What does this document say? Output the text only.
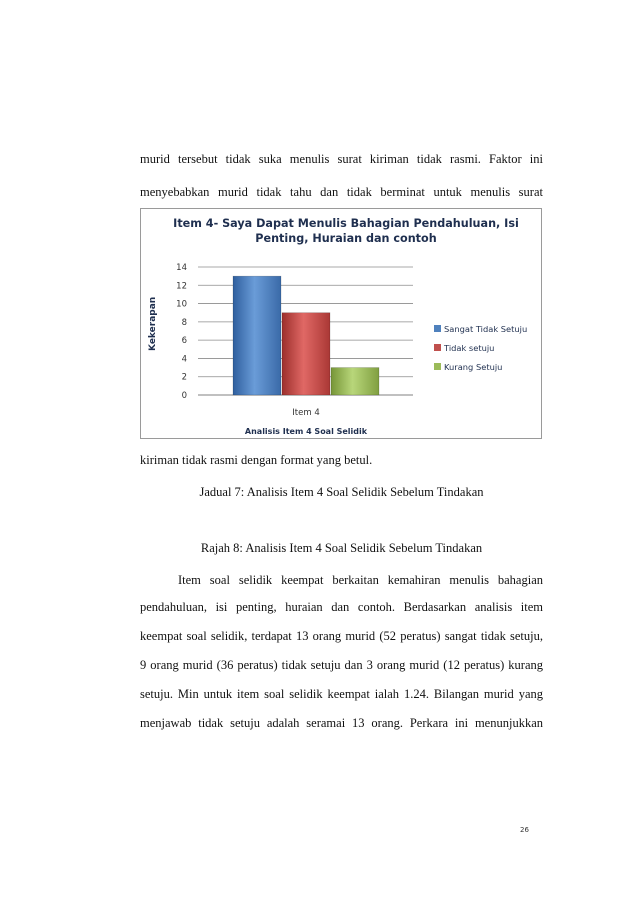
murid tersebut tidak suka menulis surat kiriman tidak rasmi. Faktor ini
menyebabkan murid tidak tahu dan tidak berminat untuk menulis surat
Item 4- Saya Dapat Menulis Bahagian Pendahuluan, Isi
Penting, Huraian dan contoh
0
2
4
6
8
10
12
14
Item 4
Kekerapan
Analisis Item 4 Soal Selidik
Sangat Tidak Setuju
Tidak setuju
Kurang Setuju
kiriman tidak rasmi dengan format yang betul.
Jadual 7: Analisis Item 4 Soal Selidik Sebelum Tindakan
Rajah 8: Analisis Item 4 Soal Selidik Sebelum Tindakan
Item soal selidik keempat berkaitan kemahiran menulis bahagian
pendahuluan, isi penting, huraian dan contoh. Berdasarkan analisis item
keempat soal selidik, terdapat 13 orang murid (52 peratus) sangat tidak setuju,
9 orang murid (36 peratus) tidak setuju dan 3 orang murid (12 peratus) kurang
setuju. Min untuk item soal selidik keempat ialah 1.24. Bilangan murid yang
menjawab tidak setuju adalah seramai 13 orang. Perkara ini menunjukkan
26
